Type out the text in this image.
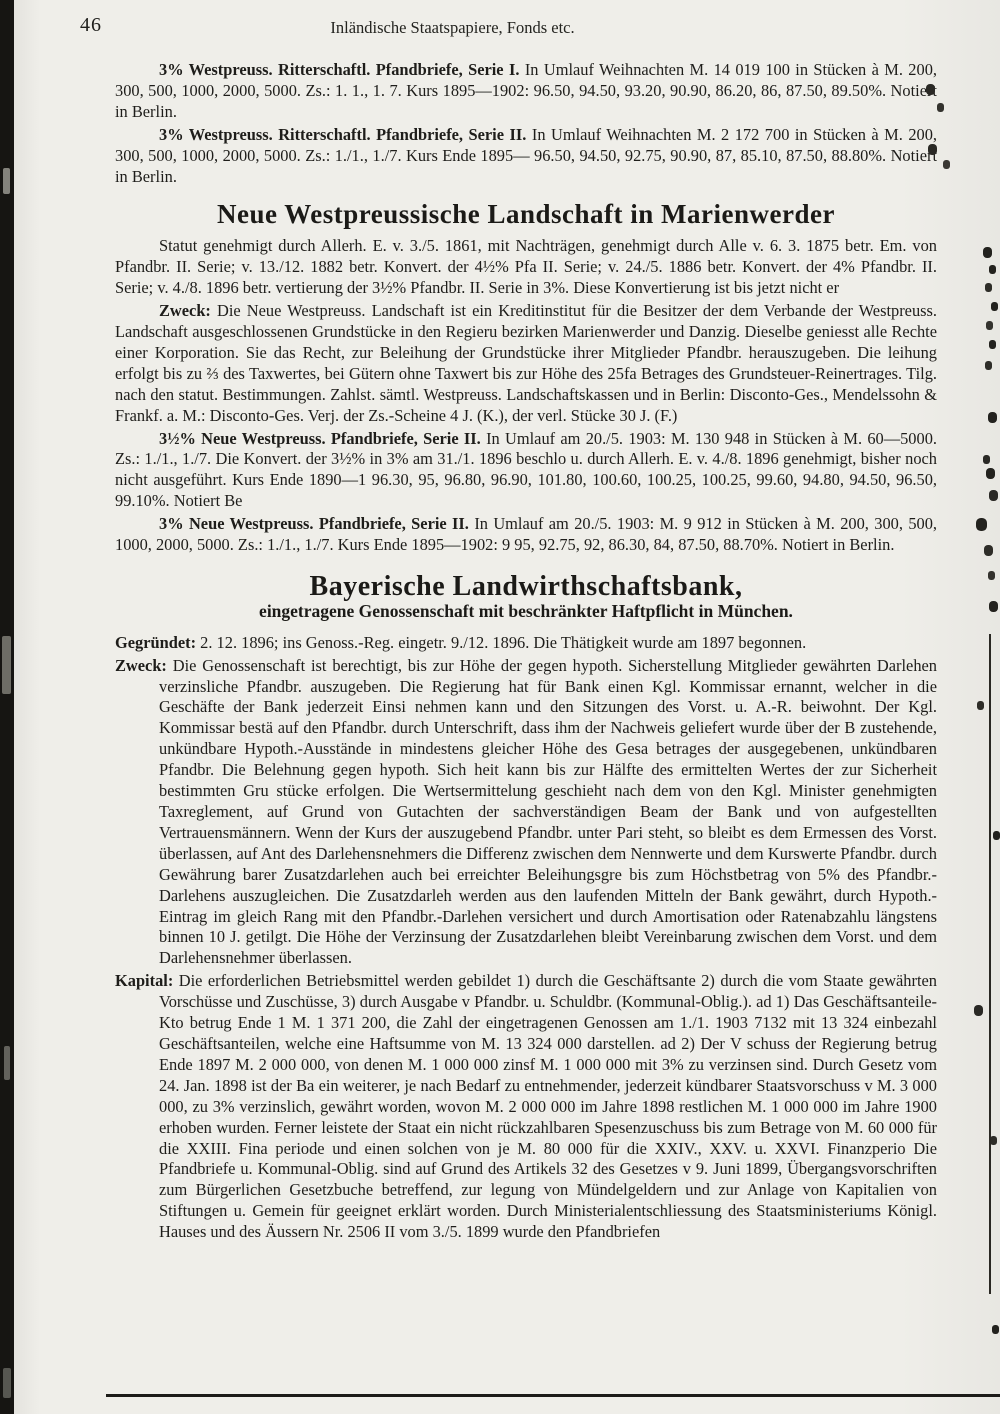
46	Inländische Staatspapiere, Fonds etc.

3% Westpreuss. Ritterschaftl. Pfandbriefe, Serie I. In Umlauf Weihnachten M. 14 019 100 in Stücken à M. 200, 300, 500, 1000, 2000, 5000. Zs.: 1. 1., 1. 7. Kurs 1895—1902: 96.50, 94.50, 93.20, 90.90, 86.20, 86, 87.50, 89.50%. Notiert in Berlin.

3% Westpreuss. Ritterschaftl. Pfandbriefe, Serie II. In Umlauf Weihnachten M. 2 172 700 in Stücken à M. 200, 300, 500, 1000, 2000, 5000. Zs.: 1./1., 1./7. Kurs Ende 1895— 96.50, 94.50, 92.75, 90.90, 87, 85.10, 87.50, 88.80%. Notiert in Berlin.

Neue Westpreussische Landschaft in Marienwerder

Statut genehmigt durch Allerh. E. v. 3./5. 1861, mit Nachträgen, genehmigt durch Alle v. 6. 3. 1875 betr. Em. von Pfandbr. II. Serie; v. 13./12. 1882 betr. Konvert. der 4½% Pfa II. Serie; v. 24./5. 1886 betr. Konvert. der 4% Pfandbr. II. Serie; v. 4./8. 1896 betr. vertierung der 3½% Pfandbr. II. Serie in 3%. Diese Konvertierung ist bis jetzt nicht er

Zweck: Die Neue Westpreuss. Landschaft ist ein Kreditinstitut für die Besitzer der dem Verbande der Westpreuss. Landschaft ausgeschlossenen Grundstücke in den Regieru bezirken Marienwerder und Danzig. Dieselbe geniesst alle Rechte einer Korporation. Sie das Recht, zur Beleihung der Grundstücke ihrer Mitglieder Pfandbr. herauszugeben. Die leihung erfolgt bis zu ⅔ des Taxwertes, bei Gütern ohne Taxwert bis zur Höhe des 25fa Betrages des Grundsteuer-Reinertrages. Tilg. nach den statut. Bestimmungen. Zahlst. sämtl. Westpreuss. Landschaftskassen und in Berlin: Disconto-Ges., Mendelssohn & Frankf. a. M.: Disconto-Ges. Verj. der Zs.-Scheine 4 J. (K.), der verl. Stücke 30 J. (F.)

3½% Neue Westpreuss. Pfandbriefe, Serie II. In Umlauf am 20./5. 1903: M. 130 948 in Stücken à M. 60—5000. Zs.: 1./1., 1./7. Die Konvert. der 3½% in 3% am 31./1. 1896 beschlo u. durch Allerh. E. v. 4./8. 1896 genehmigt, bisher noch nicht ausgeführt. Kurs Ende 1890—1 96.30, 95, 96.80, 96.90, 101.80, 100.60, 100.25, 100.25, 99.60, 94.80, 94.50, 96.50, 99.10%. Notiert Be

3% Neue Westpreuss. Pfandbriefe, Serie II. In Umlauf am 20./5. 1903: M. 9 912 in Stücken à M. 200, 300, 500, 1000, 2000, 5000. Zs.: 1./1., 1./7. Kurs Ende 1895—1902: 9 95, 92.75, 92, 86.30, 84, 87.50, 88.70%. Notiert in Berlin.

Bayerische Landwirthschaftsbank,
eingetragene Genossenschaft mit beschränkter Haftpflicht in München.

Gegründet: 2. 12. 1896; ins Genoss.-Reg. eingetr. 9./12. 1896. Die Thätigkeit wurde am 1897 begonnen.

Zweck: Die Genossenschaft ist berechtigt, bis zur Höhe der gegen hypoth. Sicherstellung Mitglieder gewährten Darlehen verzinsliche Pfandbr. auszugeben. Die Regierung hat für Bank einen Kgl. Kommissar ernannt, welcher in die Geschäfte der Bank jederzeit Einsi nehmen kann und den Sitzungen des Vorst. u. A.-R. beiwohnt. Der Kgl. Kommissar bestä auf den Pfandbr. durch Unterschrift, dass ihm der Nachweis geliefert wurde über der B zustehende, unkündbare Hypoth.-Ausstände in mindestens gleicher Höhe des Gesa betrages der ausgegebenen, unkündbaren Pfandbr. Die Belehnung gegen hypoth. Sich heit kann bis zur Hälfte des ermittelten Wertes der zur Sicherheit bestimmten Gru stücke erfolgen. Die Wertsermittelung geschieht nach dem von den Kgl. Minister genehmigten Taxreglement, auf Grund von Gutachten der sachverständigen Beam der Bank und von aufgestellten Vertrauensmännern. Wenn der Kurs der auszugebend Pfandbr. unter Pari steht, so bleibt es dem Ermessen des Vorst. überlassen, auf Ant des Darlehensnehmers die Differenz zwischen dem Nennwerte und dem Kurswerte Pfandbr. durch Gewährung barer Zusatzdarlehen auch bei erreichter Beleihungsgre bis zum Höchstbetrag von 5% des Pfandbr.-Darlehens auszugleichen. Die Zusatzdarleh werden aus den laufenden Mitteln der Bank gewährt, durch Hypoth.-Eintrag im gleich Rang mit den Pfandbr.-Darlehen versichert und durch Amortisation oder Ratenabzahlu längstens binnen 10 J. getilgt. Die Höhe der Verzinsung der Zusatzdarlehen bleibt Vereinbarung zwischen dem Vorst. und dem Darlehensnehmer überlassen.

Kapital: Die erforderlichen Betriebsmittel werden gebildet 1) durch die Geschäftsante 2) durch die vom Staate gewährten Vorschüsse und Zuschüsse, 3) durch Ausgabe v Pfandbr. u. Schuldbr. (Kommunal-Oblig.). ad 1) Das Geschäftsanteile-Kto betrug Ende 1 M. 1 371 200, die Zahl der eingetragenen Genossen am 1./1. 1903 7132 mit 13 324 einbezahl Geschäftsanteilen, welche eine Haftsumme von M. 13 324 000 darstellen. ad 2) Der V schuss der Regierung betrug Ende 1897 M. 2 000 000, von denen M. 1 000 000 zinsf M. 1 000 000 mit 3% zu verzinsen sind. Durch Gesetz vom 24. Jan. 1898 ist der Ba ein weiterer, je nach Bedarf zu entnehmender, jederzeit kündbarer Staatsvorschuss v M. 3 000 000, zu 3% verzinslich, gewährt worden, wovon M. 2 000 000 im Jahre 1898 restlichen M. 1 000 000 im Jahre 1900 erhoben wurden. Ferner leistete der Staat ein nicht rückzahlbaren Spesenzuschuss bis zum Betrage von M. 60 000 für die XXIII. Fina periode und einen solchen von je M. 80 000 für die XXIV., XXV. u. XXVI. Finanzperio Die Pfandbriefe u. Kommunal-Oblig. sind auf Grund des Artikels 32 des Gesetzes v 9. Juni 1899, Übergangsvorschriften zum Bürgerlichen Gesetzbuche betreffend, zur legung von Mündelgeldern und zur Anlage von Kapitalien von Stiftungen u. Gemein für geeignet erklärt worden. Durch Ministerialentschliessung des Staatsministeriums Königl. Hauses und des Äussern Nr. 2506 II vom 3./5. 1899 wurde den Pfandbriefen
